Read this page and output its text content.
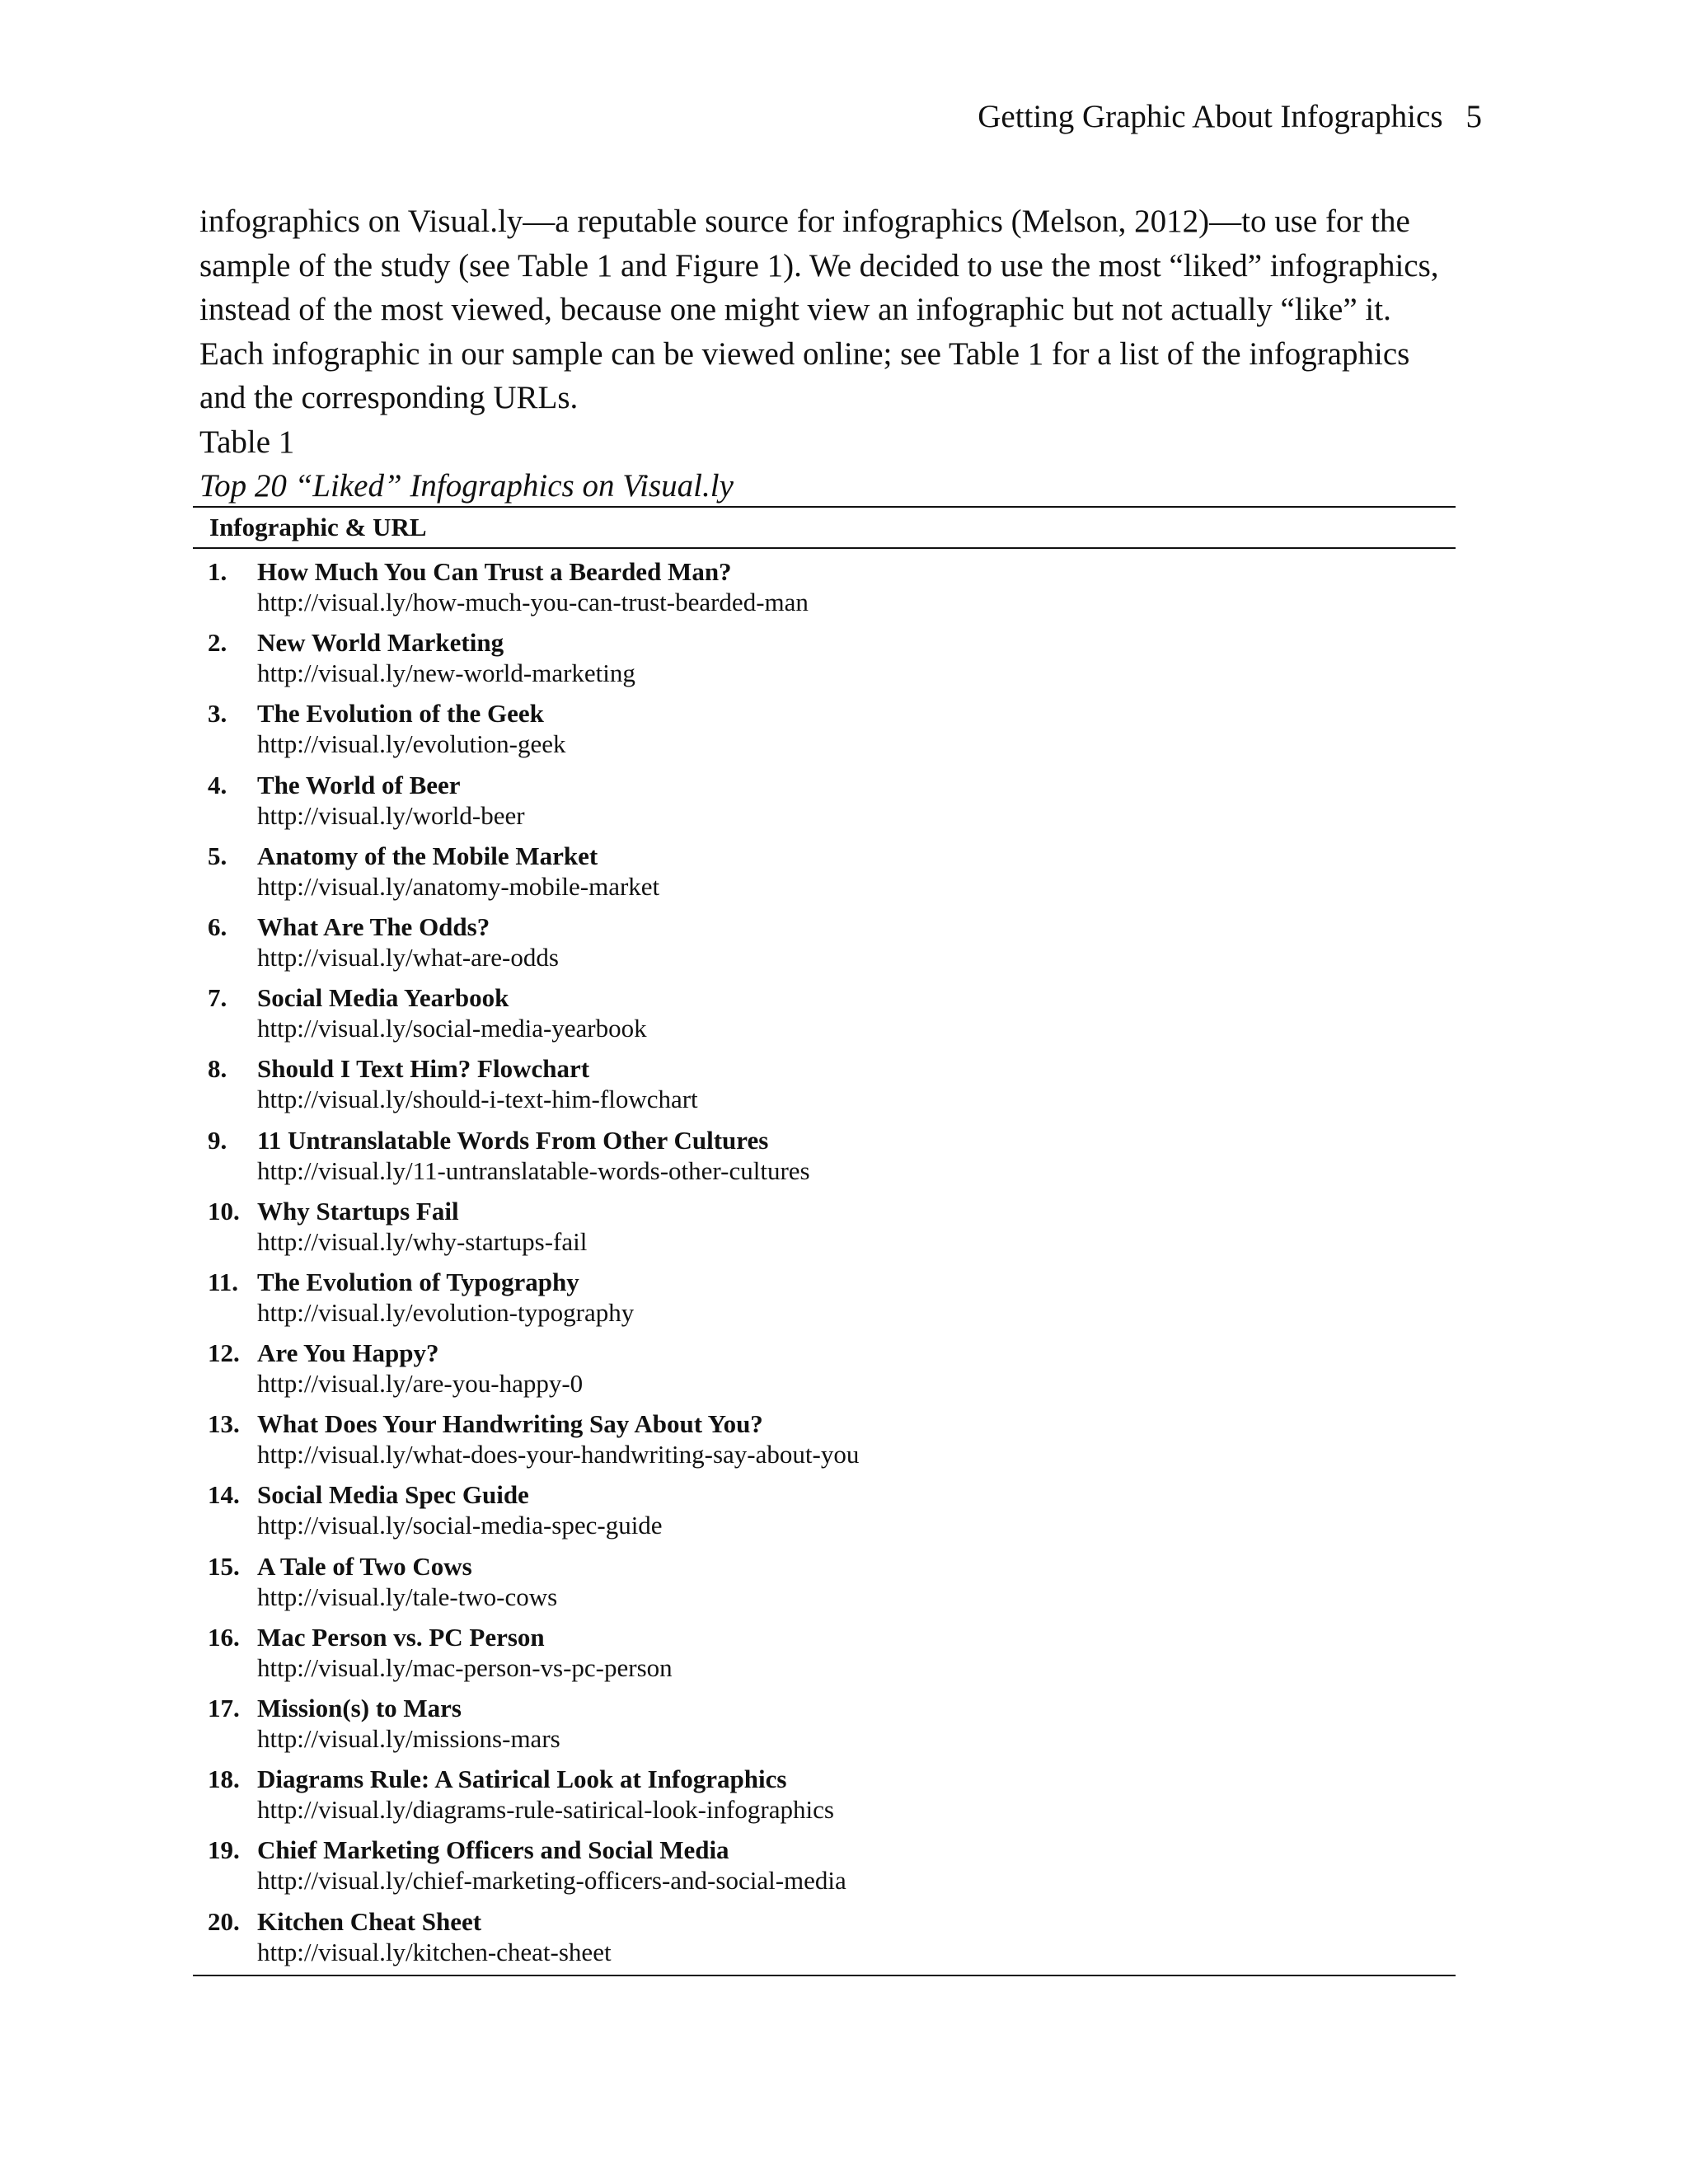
Getting Graphic About Infographics 5
infographics on Visual.ly—a reputable source for infographics (Melson, 2012)—to use for the
sample of the study (see Table 1 and Figure 1). We decided to use the most “liked” infographics,
instead of the most viewed, because one might view an infographic but not actually “like” it.
Each infographic in our sample can be viewed online; see Table 1 for a list of the infographics
and the corresponding URLs.
Table 1
Top 20 “Liked” Infographics on Visual.ly
Infographic & URL
1. How Much You Can Trust a Bearded Man?
http://visual.ly/how-much-you-can-trust-bearded-man
2. New World Marketing
http://visual.ly/new-world-marketing
3. The Evolution of the Geek
http://visual.ly/evolution-geek
4. The World of Beer
http://visual.ly/world-beer
5. Anatomy of the Mobile Market
http://visual.ly/anatomy-mobile-market
6. What Are The Odds?
http://visual.ly/what-are-odds
7. Social Media Yearbook
http://visual.ly/social-media-yearbook
8. Should I Text Him? Flowchart
http://visual.ly/should-i-text-him-flowchart
9. 11 Untranslatable Words From Other Cultures
http://visual.ly/11-untranslatable-words-other-cultures
10. Why Startups Fail
http://visual.ly/why-startups-fail
11. The Evolution of Typography
http://visual.ly/evolution-typography
12. Are You Happy?
http://visual.ly/are-you-happy-0
13. What Does Your Handwriting Say About You?
http://visual.ly/what-does-your-handwriting-say-about-you
14. Social Media Spec Guide
http://visual.ly/social-media-spec-guide
15. A Tale of Two Cows
http://visual.ly/tale-two-cows
16. Mac Person vs. PC Person
http://visual.ly/mac-person-vs-pc-person
17. Mission(s) to Mars
http://visual.ly/missions-mars
18. Diagrams Rule: A Satirical Look at Infographics
http://visual.ly/diagrams-rule-satirical-look-infographics
19. Chief Marketing Officers and Social Media
http://visual.ly/chief-marketing-officers-and-social-media
20. Kitchen Cheat Sheet
http://visual.ly/kitchen-cheat-sheet
